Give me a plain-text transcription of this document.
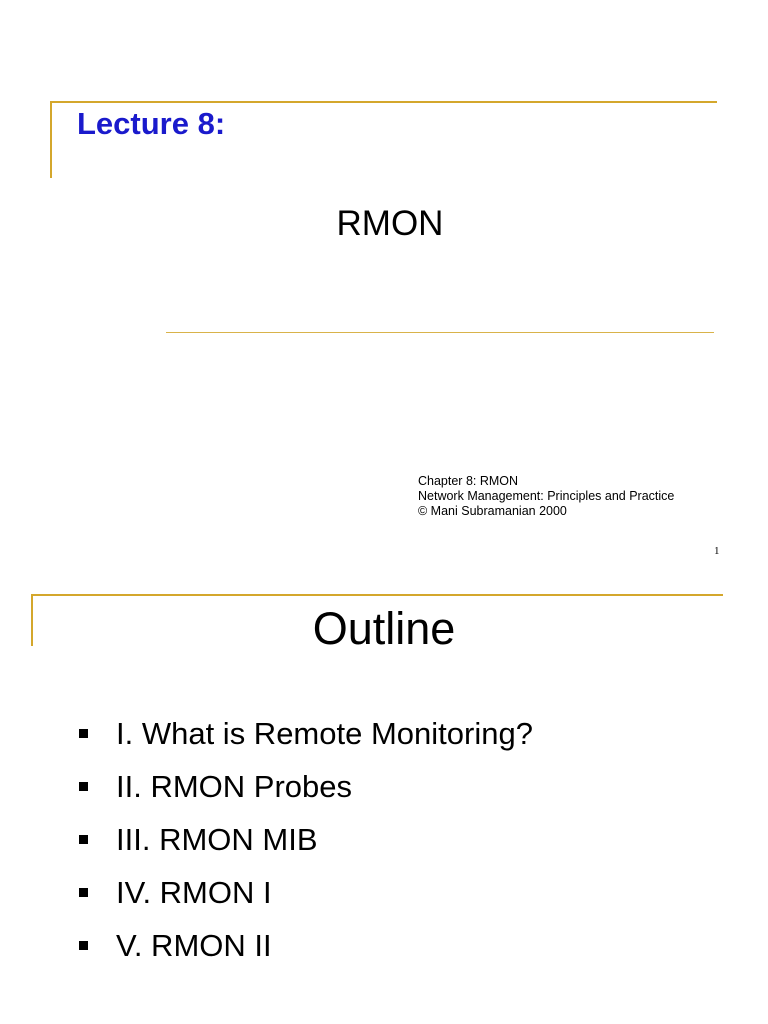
Lecture 8:
RMON
Chapter 8: RMON
Network Management: Principles and Practice
© Mani Subramanian 2000
1
Outline
I. What is Remote Monitoring?
II. RMON Probes
III. RMON MIB
IV. RMON I
V. RMON II
